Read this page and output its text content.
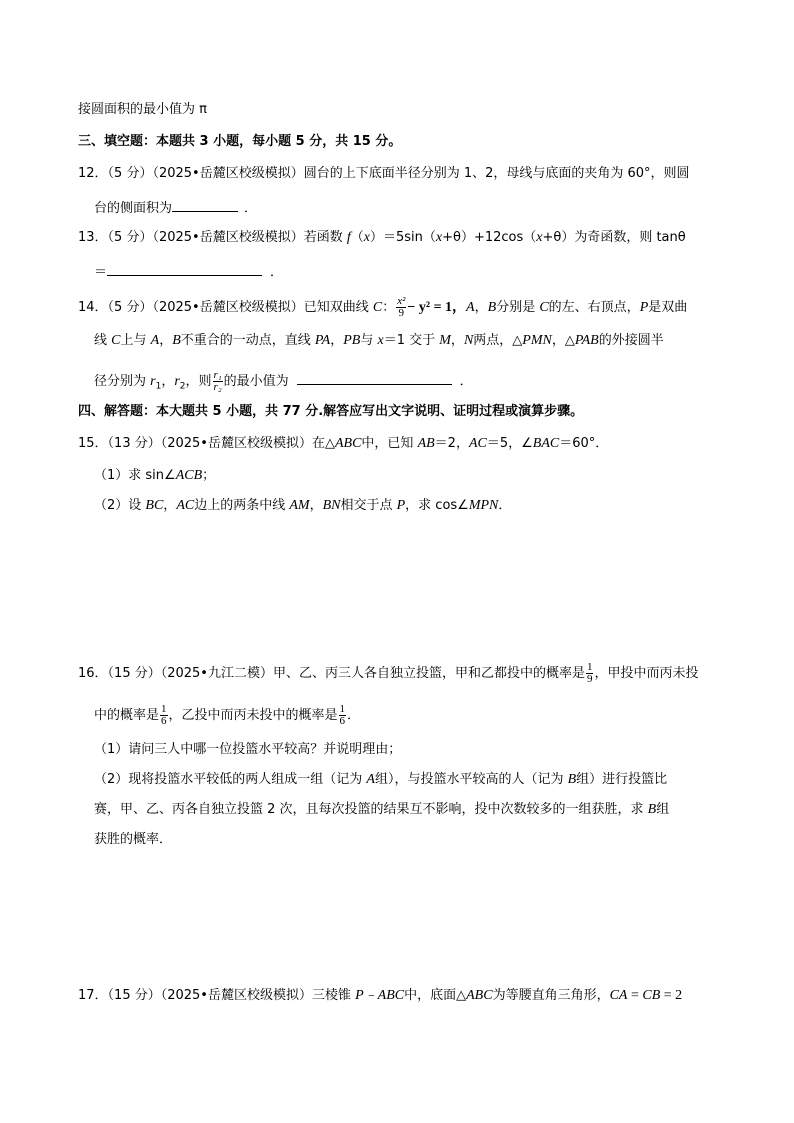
接圆面积的最小值为 π
三、填空题：本题共 3 小题，每小题 5 分，共 15 分。
12．（5 分）（2025•岳麓区校级模拟）圆台的上下底面半径分别为 1、2，母线与底面的夹角为 60°，则圆
台的侧面积为	．
13．（5 分）（2025•岳麓区校级模拟）若函数 f（x）＝5sin（x+θ）+12cos（x+θ）为奇函数，则 tanθ
＝	．
14．（5 分）（2025•岳麓区校级模拟）已知双曲线 C： $\frac{\text{x²}}{9} - y^2 = 1$，A，B分别是 C的左、右顶点，P是双曲
线 C上与 A，B不重合的一动点，直线 PA，PB与 x＝1 交于 M，N两点，△PMN，△PAB的外接圆半
径分别为 $r_1$，$r_2$，则 $\frac{\text{r₁}}{\text{r₂}}$ 的最小值为	．
四、解答题：本大题共 5 小题，共 77 分.解答应写出文字说明、证明过程或演算步骤。
15．（13 分）（2025•岳麓区校级模拟）在△ABC中，已知 AB＝2，AC＝5，∠BAC＝60°．
（1）求 sin∠ACB；
（2）设 BC，AC边上的两条中线 AM，BN相交于点 P，求 cos∠MPN．
16．（15 分）（2025•九江二模）甲、乙、丙三人各自独立投篮，甲和乙都投中的概率是 $\frac{1}{9}$ ，甲投中而丙未投
中的概率是 $\frac{1}{6}$ ，乙投中而丙未投中的概率是 $\frac{1}{6}$ ．
（1）请问三人中哪一位投篮水平较高？并说明理由；
（2）现将投篮水平较低的两人组成一组（记为 A组），与投篮水平较高的人（记为 B组）进行投篮比
赛，甲、乙、丙各自独立投篮 2 次，且每次投篮的结果互不影响，投中次数较多的一组获胜，求 B组
获胜的概率．
17．（15 分）（2025•岳麓区校级模拟）三棱锥 P﹣ABC中，底面△ABC为等腰直角三角形，CA = CB = 2
